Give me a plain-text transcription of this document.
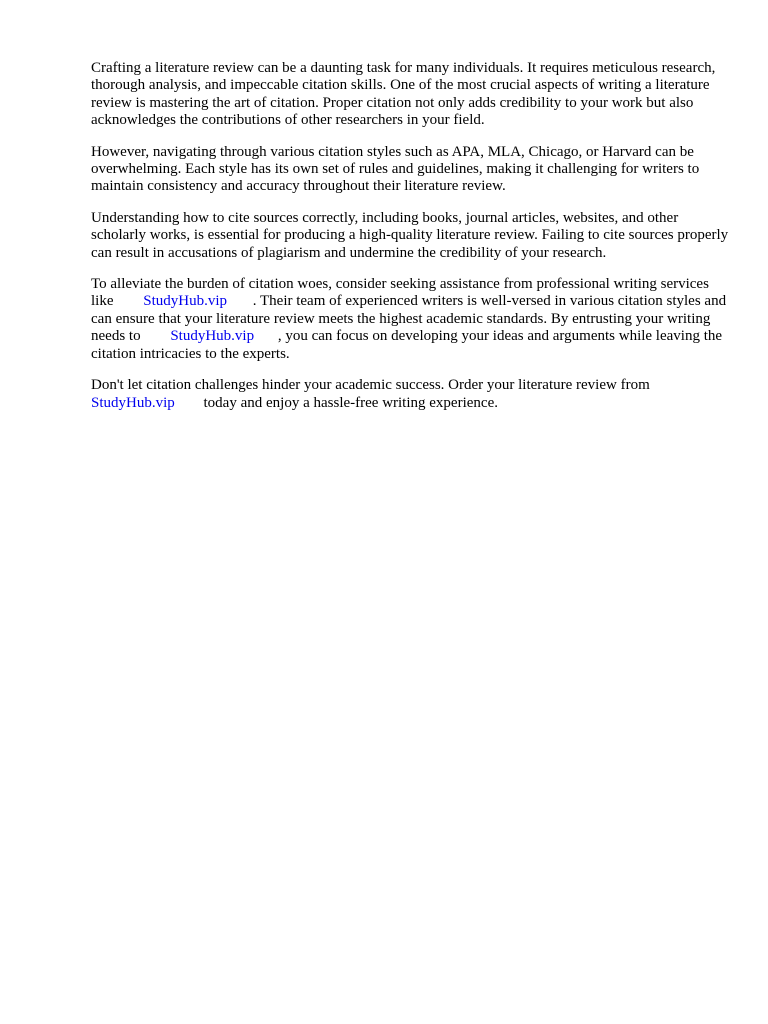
Crafting a literature review can be a daunting task for many individuals. It requires meticulous research, thorough analysis, and impeccable citation skills. One of the most crucial aspects of writing a literature review is mastering the art of citation. Proper citation not only adds credibility to your work but also acknowledges the contributions of other researchers in your field.

However, navigating through various citation styles such as APA, MLA, Chicago, or Harvard can be overwhelming. Each style has its own set of rules and guidelines, making it challenging for writers to maintain consistency and accuracy throughout their literature review.

Understanding how to cite sources correctly, including books, journal articles, websites, and other scholarly works, is essential for producing a high-quality literature review. Failing to cite sources properly can result in accusations of plagiarism and undermine the credibility of your research.

To alleviate the burden of citation woes, consider seeking assistance from professional writing services like StudyHub.vip . Their team of experienced writers is well-versed in various citation styles and can ensure that your literature review meets the highest academic standards. By entrusting your writing needs to StudyHub.vip , you can focus on developing your ideas and arguments while leaving the citation intricacies to the experts.

Don't let citation challenges hinder your academic success. Order your literature review from StudyHub.vip today and enjoy a hassle-free writing experience.
